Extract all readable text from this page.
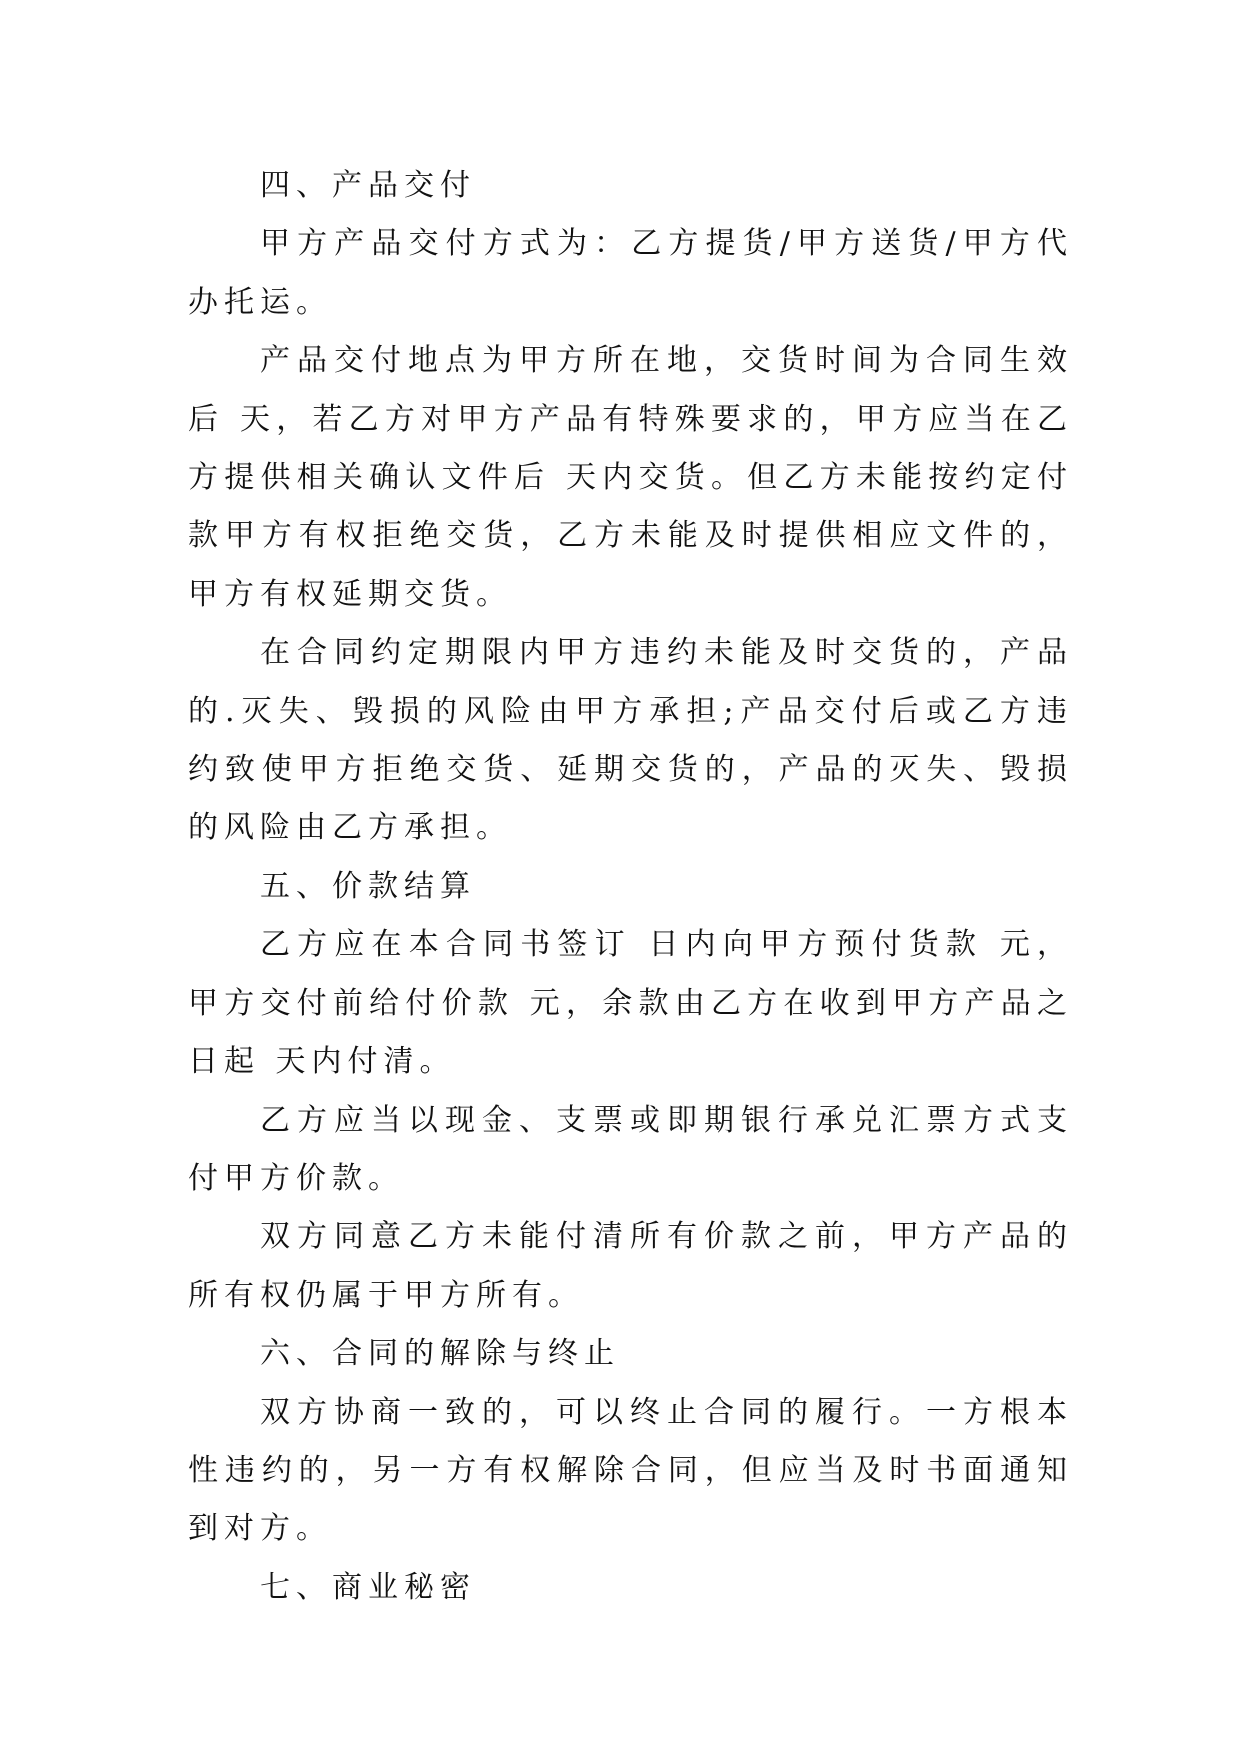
四、产品交付

甲方产品交付方式为：乙方提货/甲方送货/甲方代办托运。

产品交付地点为甲方所在地，交货时间为合同生效后 天，若乙方对甲方产品有特殊要求的，甲方应当在乙方提供相关确认文件后 天内交货。但乙方未能按约定付款甲方有权拒绝交货，乙方未能及时提供相应文件的，甲方有权延期交货。

在合同约定期限内甲方违约未能及时交货的，产品的.灭失、毁损的风险由甲方承担;产品交付后或乙方违约致使甲方拒绝交货、延期交货的，产品的灭失、毁损的风险由乙方承担。

五、价款结算

乙方应在本合同书签订 日内向甲方预付货款 元，甲方交付前给付价款 元，余款由乙方在收到甲方产品之日起 天内付清。

乙方应当以现金、支票或即期银行承兑汇票方式支付甲方价款。

双方同意乙方未能付清所有价款之前，甲方产品的所有权仍属于甲方所有。

六、合同的解除与终止

双方协商一致的，可以终止合同的履行。一方根本性违约的，另一方有权解除合同，但应当及时书面通知到对方。

七、商业秘密
